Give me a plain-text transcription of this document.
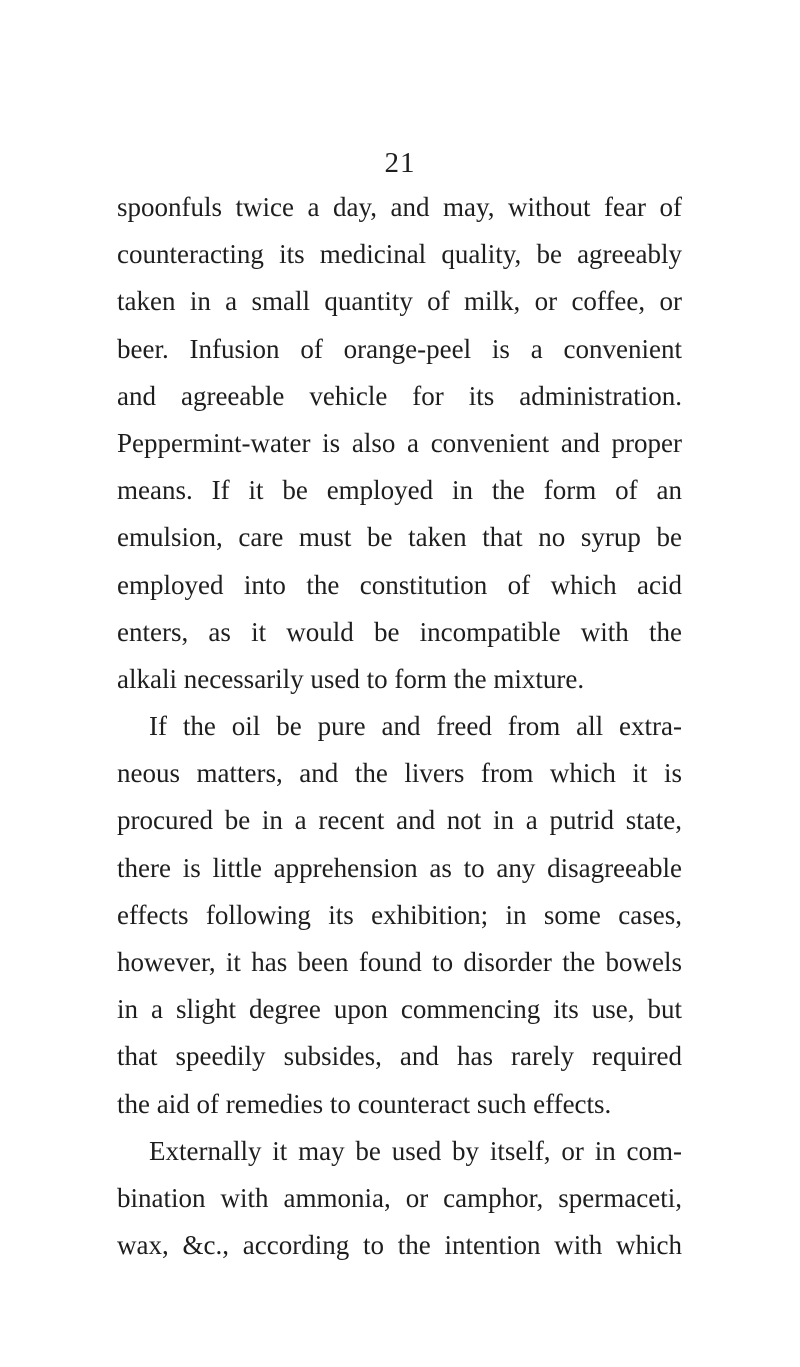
21
spoonfuls twice a day, and may, without fear of
counteracting its medicinal quality, be agreeably
taken in a small quantity of milk, or coffee, or
beer. Infusion of orange-peel is a convenient
and agreeable vehicle for its administration.
Peppermint-water is also a convenient and proper
means. If it be employed in the form of an
emulsion, care must be taken that no syrup be
employed into the constitution of which acid
enters, as it would be incompatible with the
alkali necessarily used to form the mixture.
If the oil be pure and freed from all extra-
neous matters, and the livers from which it is
procured be in a recent and not in a putrid state,
there is little apprehension as to any disagreeable
effects following its exhibition; in some cases,
however, it has been found to disorder the bowels
in a slight degree upon commencing its use, but
that speedily subsides, and has rarely required
the aid of remedies to counteract such effects.
Externally it may be used by itself, or in com-
bination with ammonia, or camphor, spermaceti,
wax, &c., according to the intention with which
